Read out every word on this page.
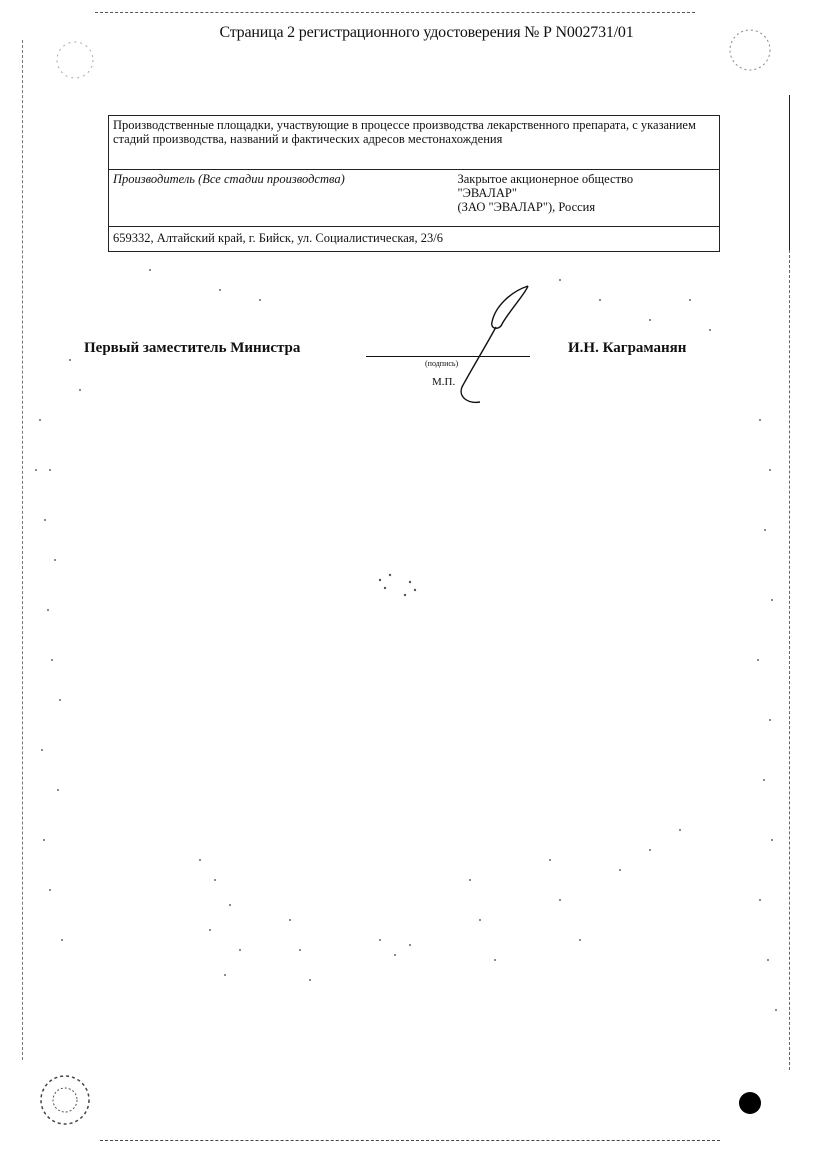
Страница 2 регистрационного удостоверения № Р N002731/01
Производственные площадки, участвующие в процессе производства лекарственного препарата, с указанием стадий производства, названий и фактических адресов местонахождения
Производитель (Все стадии производства)	Закрытое акционерное общество
"ЭВАЛАР"
(ЗАО "ЭВАЛАР"), Россия

659332, Алтайский край, г. Бийск, ул. Социалистическая, 23/6
Первый заместитель Министра
(подпись)
М.П.
И.Н. Каграманян
